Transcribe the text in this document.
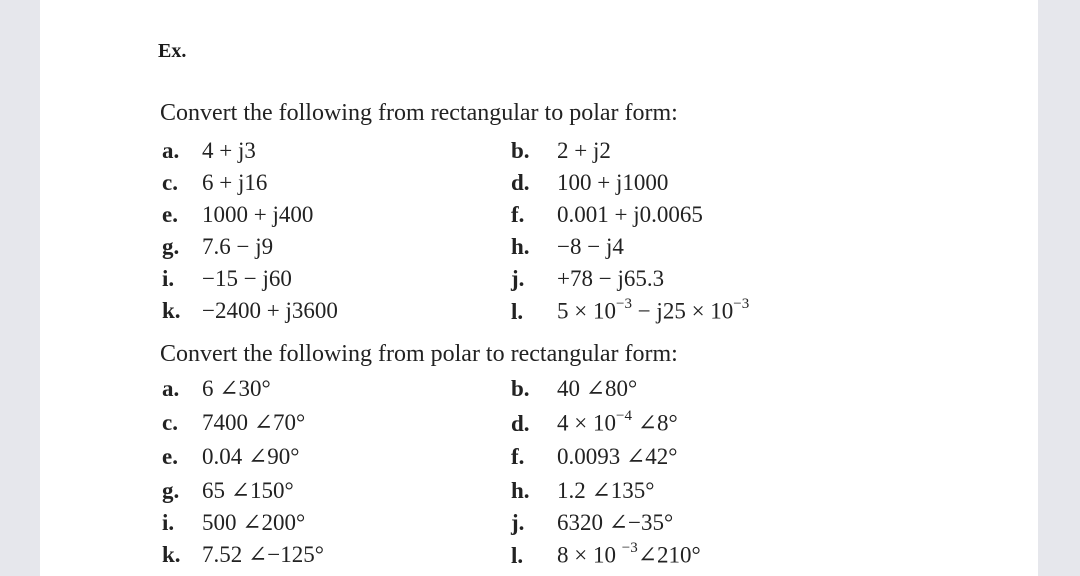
Ex.
Convert the following from rectangular to polar form:
a. 4 + j3	b. 2 + j2
c. 6 + j16	d. 100 + j1000
e. 1000 + j400	f. 0.001 + j0.0065
g. 7.6 − j9	h. −8 − j4
i. −15 − j60	j. +78 − j65.3
k. −2400 + j3600	l. $5 \times 10^{-3} - j25 \times 10^{-3}$
Convert the following from polar to rectangular form:
a. 6 ∠30°	b. 40 ∠80°
c. 7400 ∠70°	d. $4 \times 10^{-4}$ ∠8°
e. 0.04 ∠90°	f. 0.0093 ∠42°
g. 65 ∠150°	h. 1.2 ∠135°
i. 500 ∠200°	j. 6320 ∠−35°
k. 7.52 ∠−125°	l. 8 × 10 $^{-3}$∠210°
